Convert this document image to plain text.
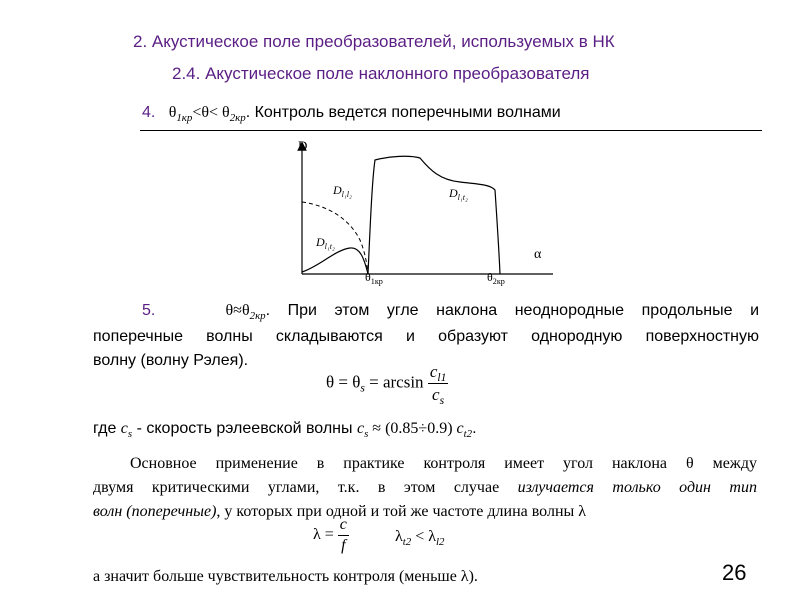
2. Акустическое поле преобразователей, используемых в НК
2.4. Акустическое поле наклонного преобразователя
4. $\theta_{1кр}<\theta< \theta_{2кр}$. Контроль ведется поперечными волнами
D
$D_{l_1l_2}$
$D_{l_1t_2}$
$D_{l_1t_2}$
α
$\theta_{1кр}$	$\theta_{2кр}$
5.	$\theta\approx\theta_{2кр}$. При этом угле наклона неоднородные продольные и
поперечные волны складываются и образуют однородную поверхностную
волну (волну Рэлея).
$\theta = \theta_s = \arcsin \frac{c_{l1}}{c_s}$
где $c_s$ - скорость рэлеевской волны $c_s \approx (0.85\div 0.9)$ $c_{t2}$.
Основное применение в практике контроля имеет угол наклона θ между
двумя критическими углами, т.к. в этом случае излучается только один тип
волн (поперечные), у которых при одной и той же частоте длина волны λ
$\lambda = \frac{c}{f}$	$\lambda_{t2} < \lambda_{l2}$
а значит больше чувствительность контроля (меньше λ).	26
